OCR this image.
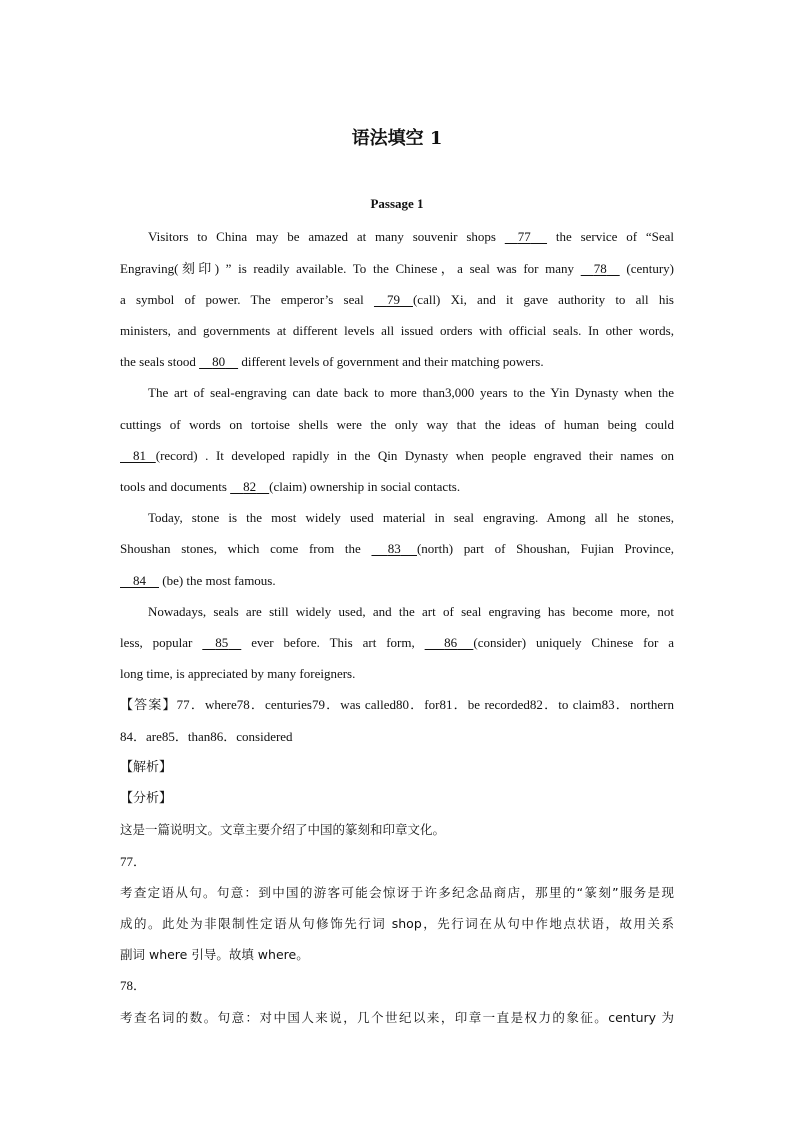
语法填空 1
Passage 1
Visitors to China may be amazed at many souvenir shops 77 the service of “Seal
Engraving(刻印) ” is readily available. To the Chinese，a seal was for many 78 (century)
a symbol of power. The emperor’s seal 79 (call) Xi, and it gave authority to all his
ministers, and governments at different levels all issued orders with official seals. In other words,
the seals stood 80 different levels of government and their matching powers.
The art of seal-engraving can date back to more than3,000 years to the Yin Dynasty when the
cuttings of words on tortoise shells were the only way that the ideas of human being could
81 (record) . It developed rapidly in the Qin Dynasty when people engraved their names on
tools and documents 82 (claim) ownership in social contacts.
Today, stone is the most widely used material in seal engraving. Among all he stones,
Shoushan stones, which come from the 83 (north) part of Shoushan, Fujian Province,
84 (be) the most famous.
Nowadays, seals are still widely used, and the art of seal engraving has become more, not
less, popular 85 ever before. This art form, 86 (consider) uniquely Chinese for a
long time, is appreciated by many foreigners.
【答案】77．where78．centuries79．was called80．for81．be recorded82．to claim83．northern
84．are85．than86．considered
【解析】
【分析】
这是一篇说明文。文章主要介绍了中国的篆刻和印章文化。
77．
考查定语从句。句意：到中国的游客可能会惊讶于许多纪念品商店，那里的“篆刻”服务是现
成的。此处为非限制性定语从句修饰先行词 shop，先行词在从句中作地点状语，故用关系
副词 where 引导。故填 where。
78．
考查名词的数。句意：对中国人来说，几个世纪以来，印章一直是权力的象征。century 为
